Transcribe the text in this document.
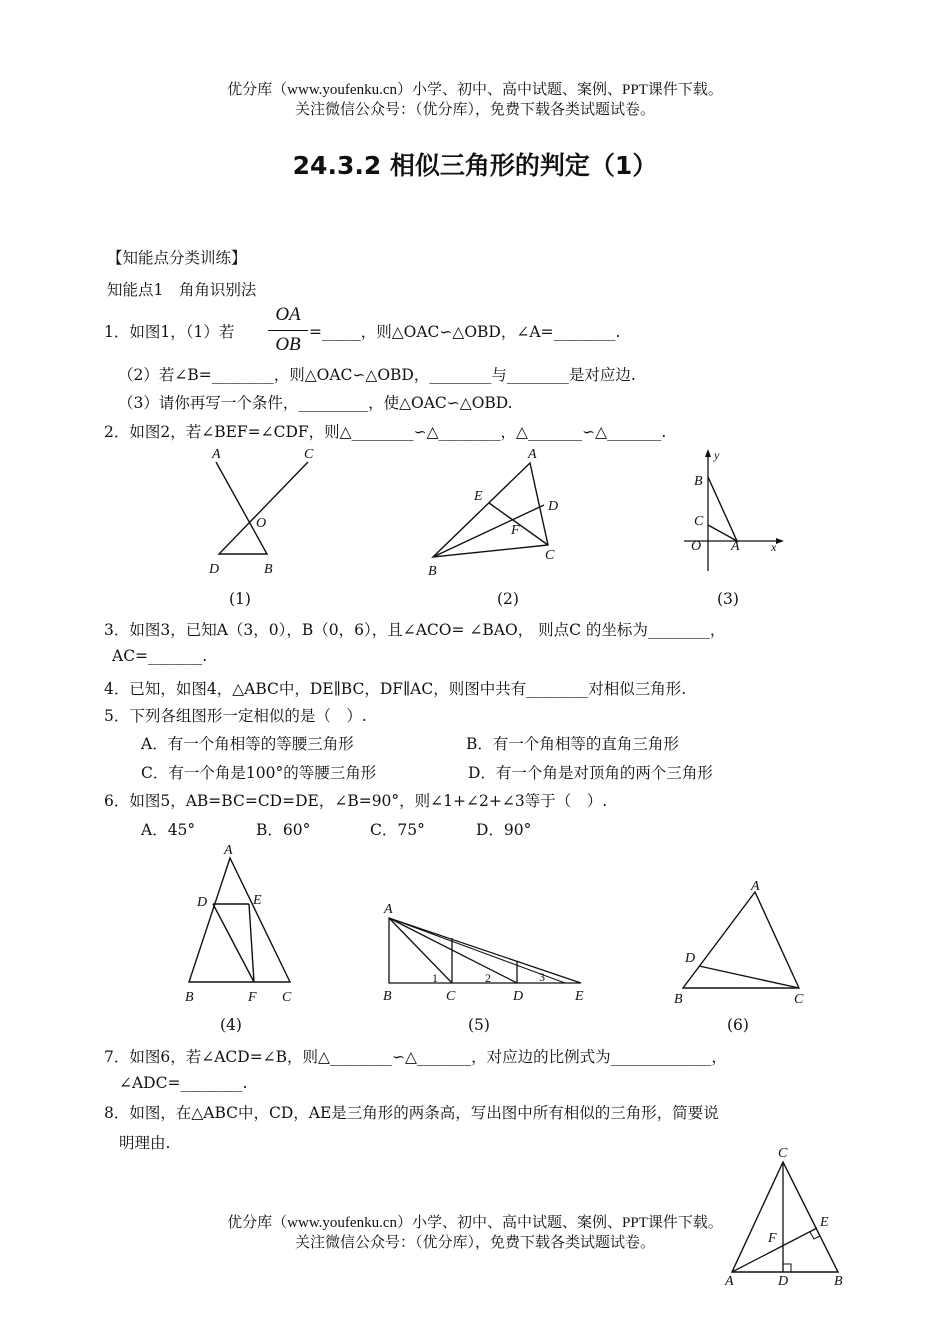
优分库（www.youfenku.cn）小学、初中、高中试题、案例、PPT课件下载。
关注微信公众号：（优分库），免费下载各类试题试卷。
24.3.2 相似三角形的判定（1）
【知能点分类训练】
知能点1　角角识别法
1．如图1，（1）若
OA
OB
=_____，则△OAC∽△OBD，∠A=________.
（2）若∠B=________，则△OAC∽△OBD，________与________是对应边.
（3）请你再写一个条件，_________，使△OAC∽△OBD.
2．如图2，若∠BEF=∠CDF，则△________∽△________，△_______∽△_______.
A	C
O
D	B
A
E
D
F
B
C
y
B
C
O A	x
(1)	(2)	(3)
3．如图3，已知A（3，0），B（0，6），且∠ACO= ∠BAO， 则点C 的坐标为________，
AC=_______.
4．已知，如图4，△ABC中，DE∥BC，DF∥AC，则图中共有________对相似三角形.
5．下列各组图形一定相似的是（　）.
A．有一个角相等的等腰三角形	B．有一个角相等的直角三角形
C．有一个角是100°的等腰三角形	D．有一个角是对顶角的两个三角形
6．如图5，AB=BC=CD=DE，∠B=90°，则∠1+∠2+∠3等于（　）.
A．45°	B．60°	C．75°	D．90°
A
D	E
B	F C
A
B	C	D	E
1	2	3
A
D
B	C
(4)	(5)	(6)
7．如图6，若∠ACD=∠B，则△________∽△_______，对应边的比例式为_____________，
∠ADC=________.
8．如图，在△ABC中，CD，AE是三角形的两条高，写出图中所有相似的三角形，简要说
明理由.
C
E
F
A	D	B
优分库（www.youfenku.cn）小学、初中、高中试题、案例、PPT课件下载。
关注微信公众号：（优分库），免费下载各类试题试卷。
